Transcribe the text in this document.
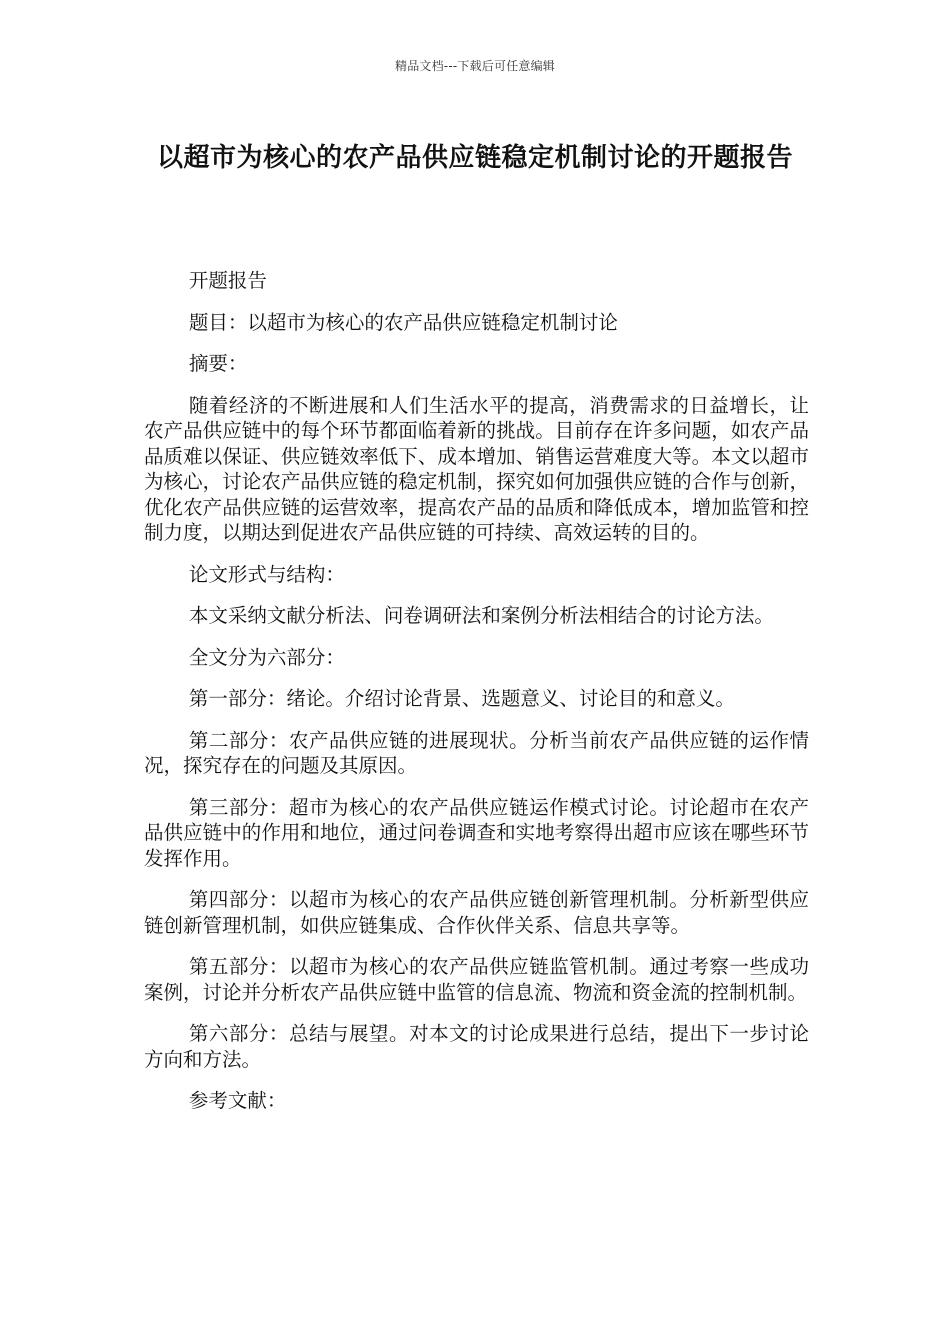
精品文档---下载后可任意编辑
以超市为核心的农产品供应链稳定机制讨论的开题报告

开题报告

题目：以超市为核心的农产品供应链稳定机制讨论

摘要：

随着经济的不断进展和人们生活水平的提高，消费需求的日益增长，让农产品供应链中的每个环节都面临着新的挑战。目前存在许多问题，如农产品品质难以保证、供应链效率低下、成本增加、销售运营难度大等。本文以超市为核心，讨论农产品供应链的稳定机制，探究如何加强供应链的合作与创新，优化农产品供应链的运营效率，提高农产品的品质和降低成本，增加监管和控制力度，以期达到促进农产品供应链的可持续、高效运转的目的。

论文形式与结构：

本文采纳文献分析法、问卷调研法和案例分析法相结合的讨论方法。

全文分为六部分：

第一部分：绪论。介绍讨论背景、选题意义、讨论目的和意义。

第二部分：农产品供应链的进展现状。分析当前农产品供应链的运作情况，探究存在的问题及其原因。

第三部分：超市为核心的农产品供应链运作模式讨论。讨论超市在农产品供应链中的作用和地位，通过问卷调查和实地考察得出超市应该在哪些环节发挥作用。

第四部分：以超市为核心的农产品供应链创新管理机制。分析新型供应链创新管理机制，如供应链集成、合作伙伴关系、信息共享等。

第五部分：以超市为核心的农产品供应链监管机制。通过考察一些成功案例，讨论并分析农产品供应链中监管的信息流、物流和资金流的控制机制。

第六部分：总结与展望。对本文的讨论成果进行总结，提出下一步讨论方向和方法。

参考文献：
